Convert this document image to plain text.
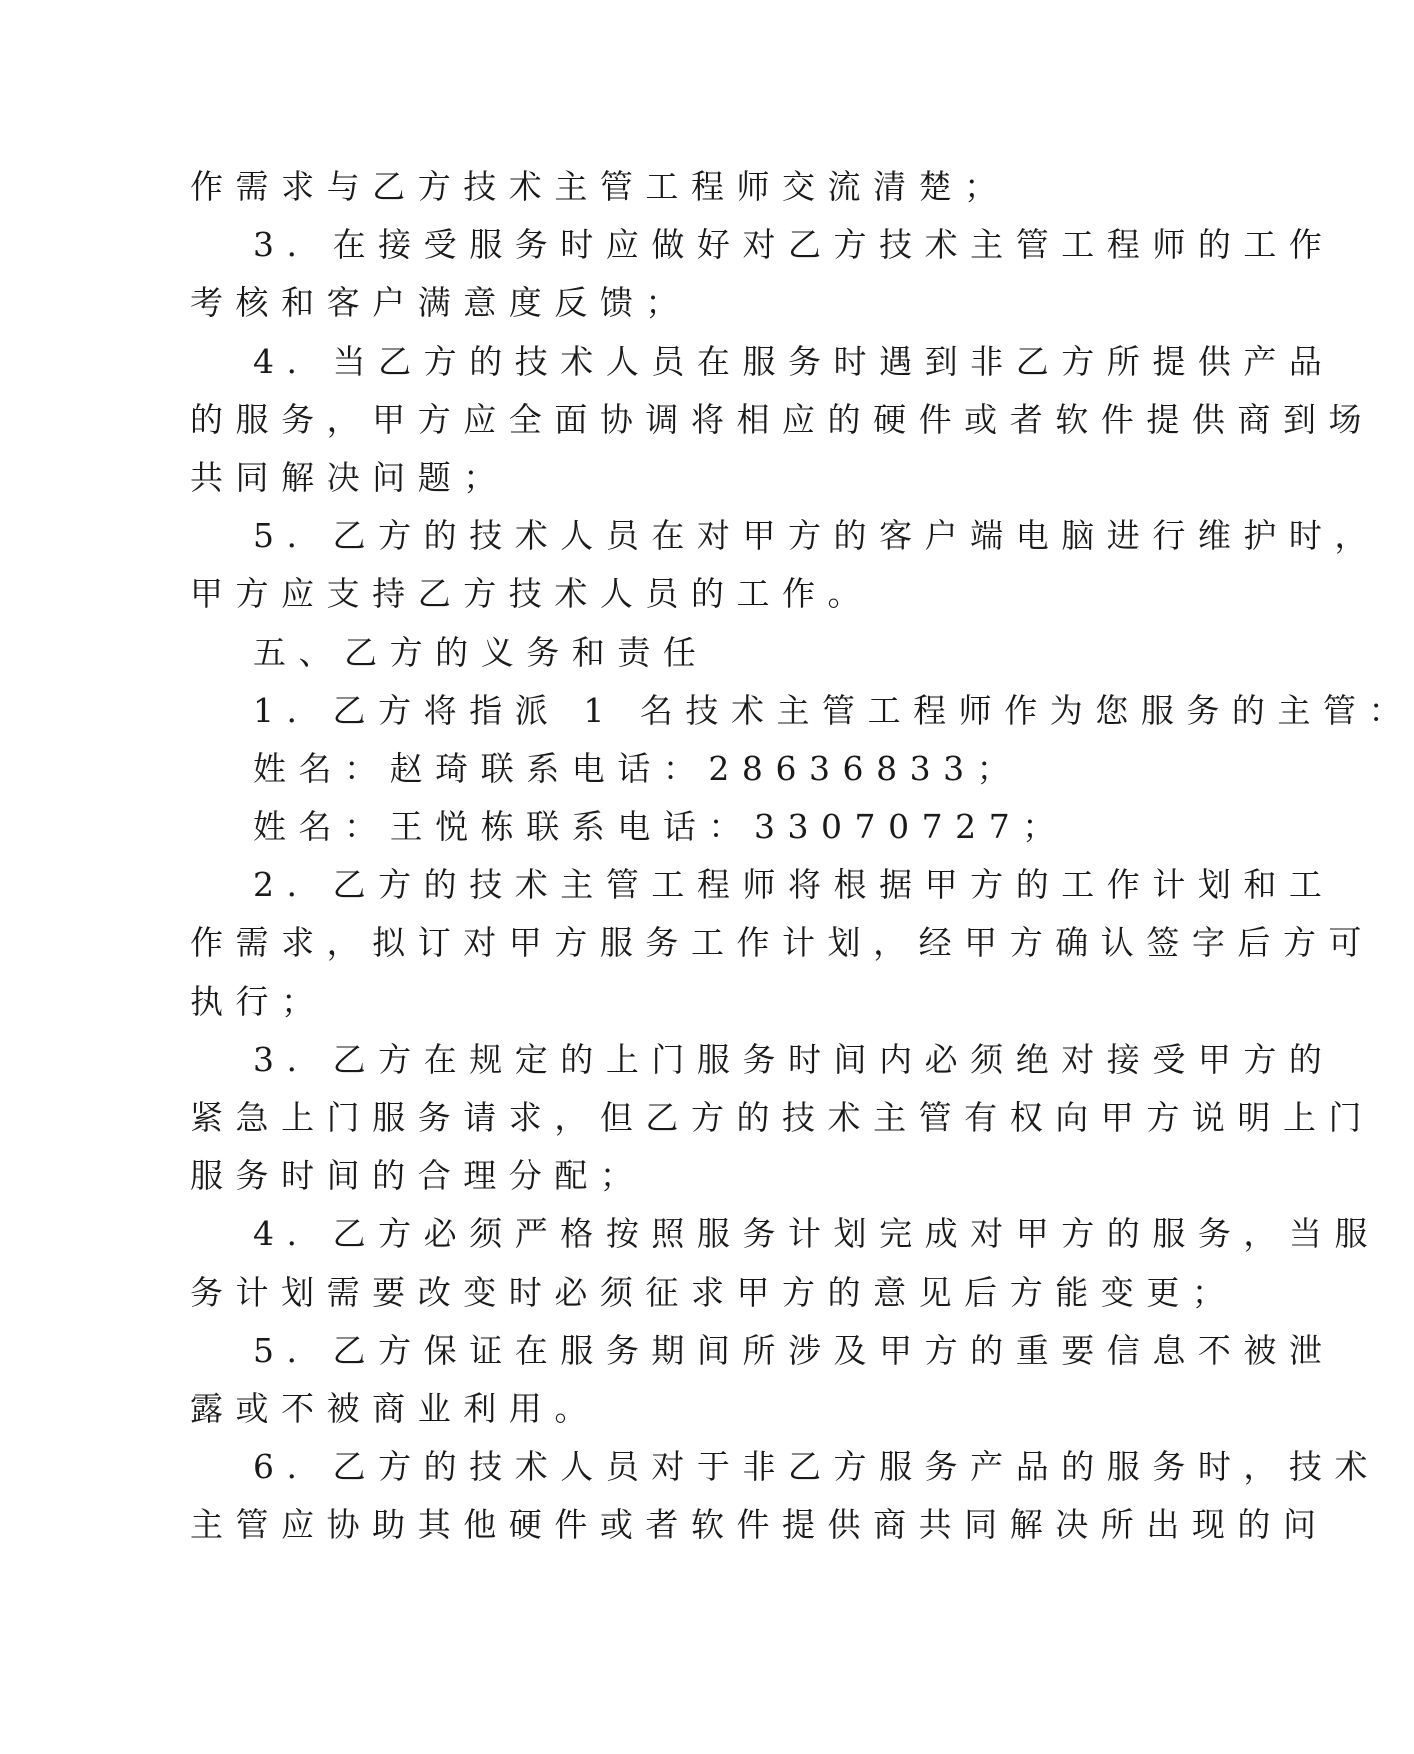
作需求与乙方技术主管工程师交流清楚；
3. 在接受服务时应做好对乙方技术主管工程师的工作
考核和客户满意度反馈；
4. 当乙方的技术人员在服务时遇到非乙方所提供产品
的服务，甲方应全面协调将相应的硬件或者软件提供商到场
共同解决问题；
5. 乙方的技术人员在对甲方的客户端电脑进行维护时，
甲方应支持乙方技术人员的工作。
五、乙方的义务和责任
1. 乙方将指派 1 名技术主管工程师作为您服务的主管：
姓名：赵琦联系电话：28636833；
姓名：王悦栋联系电话：33070727；
2. 乙方的技术主管工程师将根据甲方的工作计划和工
作需求，拟订对甲方服务工作计划，经甲方确认签字后方可
执行；
3. 乙方在规定的上门服务时间内必须绝对接受甲方的
紧急上门服务请求，但乙方的技术主管有权向甲方说明上门
服务时间的合理分配；
4. 乙方必须严格按照服务计划完成对甲方的服务，当服
务计划需要改变时必须征求甲方的意见后方能变更；
5. 乙方保证在服务期间所涉及甲方的重要信息不被泄
露或不被商业利用。
6. 乙方的技术人员对于非乙方服务产品的服务时，技术
主管应协助其他硬件或者软件提供商共同解决所出现的问
